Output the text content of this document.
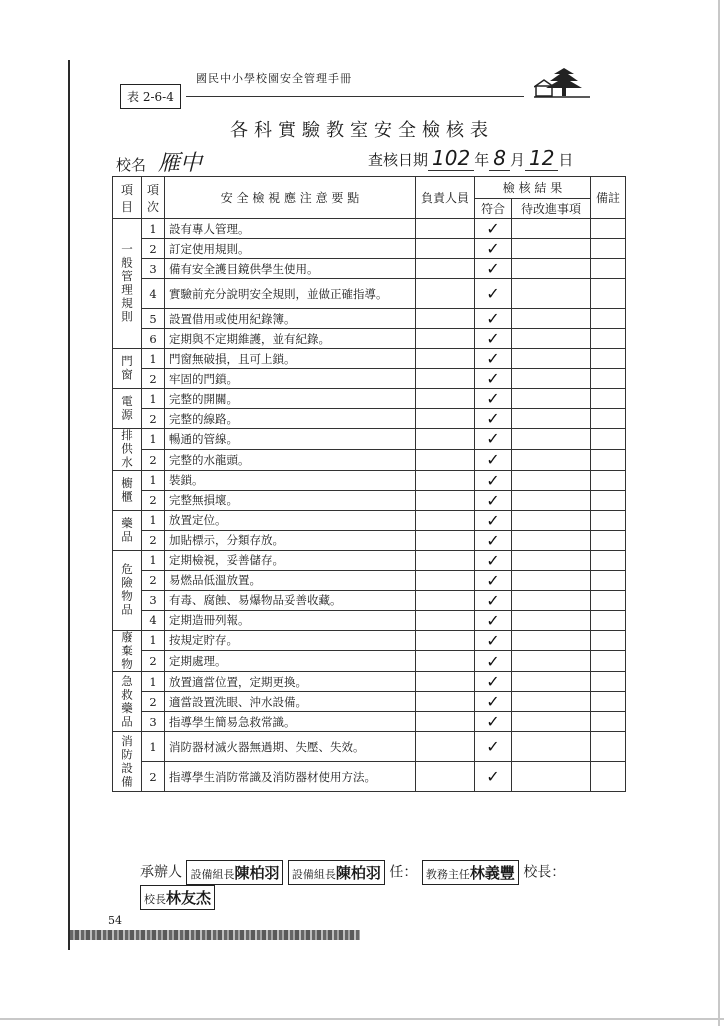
表 2-6-4
國民中小學校園安全管理手冊
各科實驗教室安全檢核表
校名 雁中	查核日期 102 年 8 月 12 日
項目	項次	安 全 檢 視 應 注 意 要 點	負責人員	檢 核 結 果		備註
				符合	待改進事項	
一般管理規則	1	設有專人管理。		✓		
	2	訂定使用規則。		✓		
	3	備有安全護目鏡供學生使用。		✓		
	4	實驗前充分說明安全規則，並做正確指導。		✓		
	5	設置借用或使用紀錄簿。		✓		
	6	定期與不定期維護，並有紀錄。		✓		
門窗	1	門窗無破損，且可上鎖。		✓		
	2	牢固的門鎖。		✓		
電源	1	完整的開關。		✓		
	2	完整的線路。		✓		
排供水	1	暢通的管線。		✓		
	2	完整的水龍頭。		✓		
櫥櫃	1	裝鎖。		✓		
	2	完整無損壞。		✓		
藥品	1	放置定位。		✓		
	2	加貼標示，分類存放。		✓		
危險物品	1	定期檢視，妥善儲存。		✓		
	2	易燃品低溫放置。		✓		
	3	有毒、腐蝕、易爆物品妥善收藏。		✓		
	4	定期造冊列報。		✓		
廢棄物	1	按規定貯存。		✓		
	2	定期處理。		✓		
急救藥品	1	放置適當位置，定期更換。		✓		
	2	適當設置洗眼、沖水設備。		✓		
	3	指導學生簡易急救常識。		✓		
消防設備	1	消防器材滅火器無過期、失壓、失效。		✓		
	2	指導學生消防常識及消防器材使用方法。		✓		
承辦人 設備組長陳柏羽 設備組長陳柏羽 任： 教務主任林義豐 校長： 校長林友杰
54
